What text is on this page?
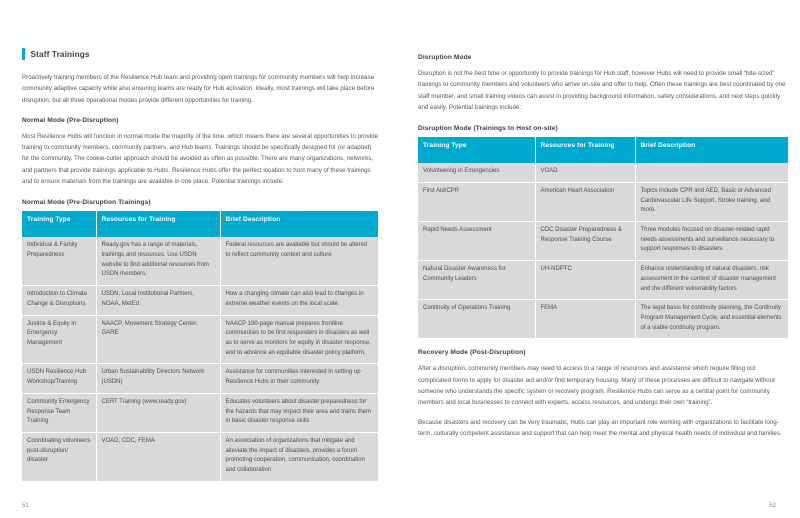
Staff Trainings

Proactively training members of the Resilience Hub team and providing open trainings for community members will help increase community adaptive capacity while also ensuring teams are ready for Hub activation. Ideally, most trainings will take place before disruption, but all three operational modes provide different opportunities for training.

Normal Mode (Pre-Disruption)

Most Resilience Hubs will function in normal mode the majority of the time, which means there are several opportunities to provide training to community members, community partners, and Hub teams. Trainings should be specifically designed for (or adapted) for the community. The cookie-cutter approach should be avoided as often as possible. There are many organizations, networks, and partners that provide trainings applicable to Hubs. Resilience Hubs offer the perfect location to host many of these trainings and to ensure materials from the trainings are available in one place. Potential trainings include:

Normal Mode (Pre-Disruption Trainings)
Training Type	Resources for Training	Brief Description
Individual & Family Preparedness	Ready.gov has a range of materials, trainings and resources. Use USDN website to find additional resources from USDN members.	Federal resources are available but should be altered to reflect community context and culture
Introduction to Climate Change & Disruptions	USDN, Local Institutional Partners, NOAA, MetEd	How a changing climate can also lead to changes in extreme weather events on the local scale.
Justice & Equity in Emergency Management	NAACP, Movement Strategy Center, GARE	NAACP 190-page manual prepares frontline communities to be first responders in disasters as well as to serve as monitors for equity in disaster response, and to advance an equitable disaster policy platform.
USDN Resilience Hub Workshop/Training	Urban Sustainability Directors Network (USDN)	Assistance for communities interested in setting up Resilience Hubs in their community
Community Emergency Response Team Training	CERT Training (www.ready.gov)	Educates volunteers about disaster preparedness for the hazards that may impact their area and trains them in basic disaster response skills
Coordinating volunteers post-disruption/ disaster	VOAD, CDC, FEMA	An association of organizations that mitigate and alleviate the impact of disasters, provides a forum promoting cooperation, communication, coordination and collaboration
51
Disruption Mode

Disruption is not the best time or opportunity to provide trainings for Hub staff, however Hubs will need to provide small “bite-sized” trainings to community members and volunteers who arrive on-site and offer to help. Often these trainings are best coordinated by one staff member, and small training videos can assist in providing background information, safety considerations, and next steps quickly and easily. Potential trainings include:

Disruption Mode (Trainings to Host on-site)
Training Type	Resources for Training	Brief Description
Volunteering in Emergencies	VOAD	
First Aid/CPR	American Heart Association	Topics include CPR and AED, Basic or Advanced Cardiovascular Life Support, Stroke training, and more.
Rapid Needs Assessment	CDC Disaster Preparedness & Response Training Course	Three modules focused on disaster-related rapid needs assessments and surveillance necessary to support responses to disasters.
Natural Disaster Awareness for Community Leaders	UH-NDPTC	Enhance understanding of natural disasters, risk assessment in the context of disaster management and the different vulnerability factors
Continuity of Operations Training	FEMA	The legal basis for continuity planning, the Continuity Program Management Cycle, and essential elements of a viable continuity program.
Recovery Mode (Post-Disruption)

After a disruption, community members may need to access to a range of resources and assistance which require filling out complicated forms to apply for disaster aid and/or find temporary housing. Many of these processes are difficult to navigate without someone who understands the specific system or recovery program. Resilience Hubs can serve as a central point for community members and local businesses to connect with experts, access resources, and undergo their own “training”.

Because disasters and recovery can be very traumatic, Hubs can play an important role working with organizations to facilitate long-term, culturally competent assistance and support that can help meet the mental and physical health needs of individual and families.

52
